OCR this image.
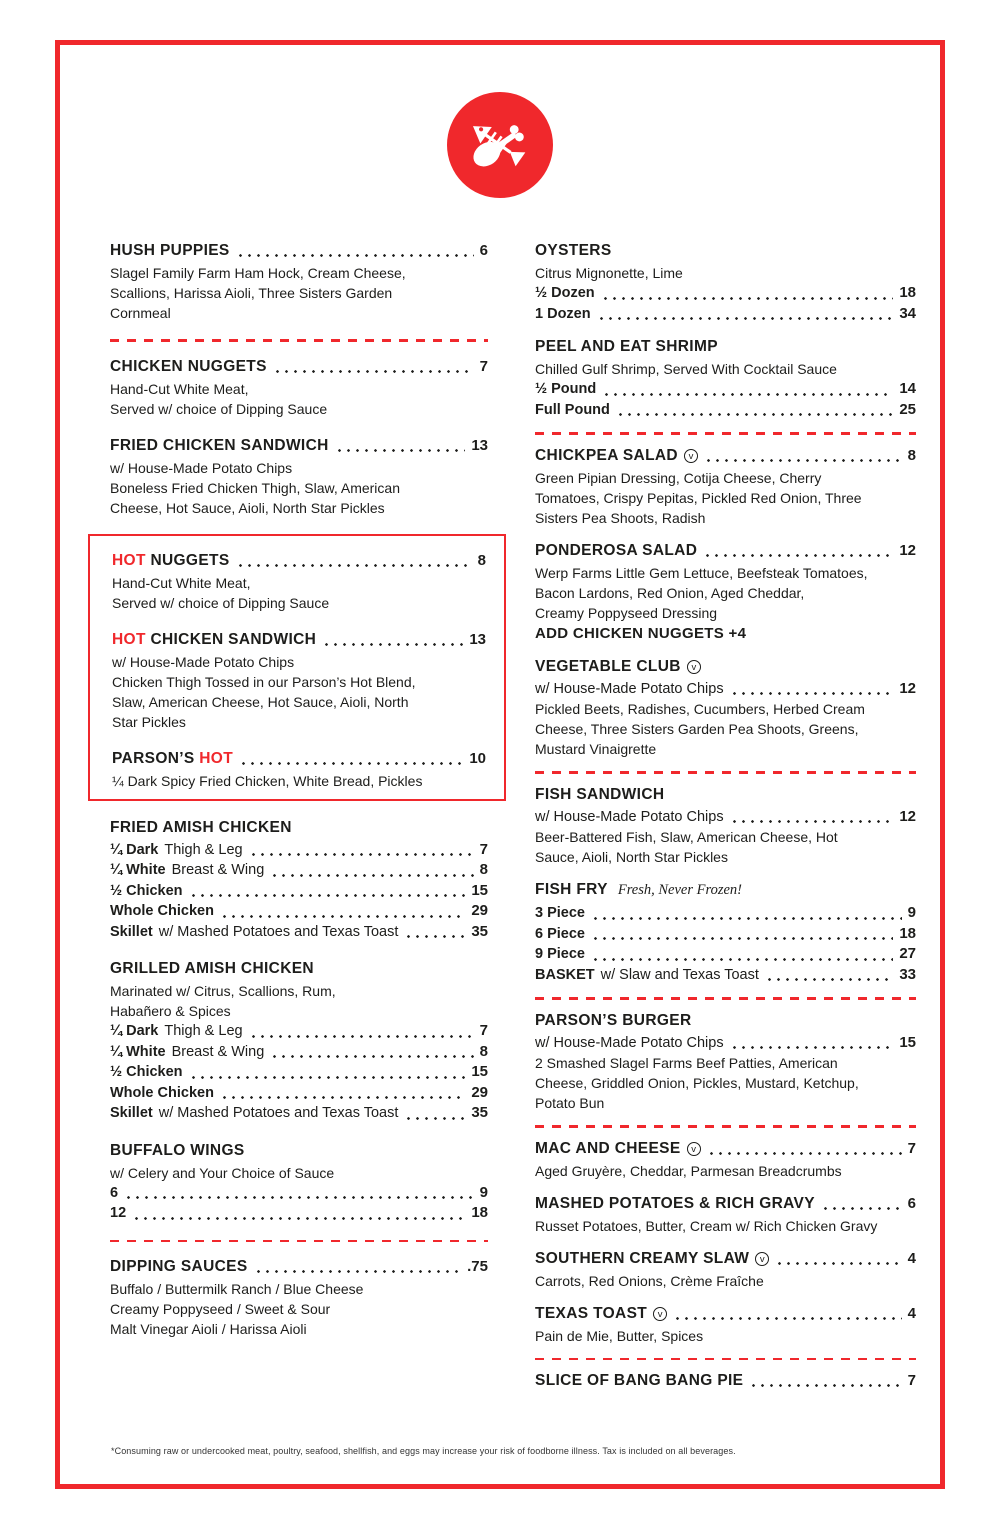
HUSH PUPPIES	6
Slagel Family Farm Ham Hock, Cream Cheese,
Scallions, Harissa Aioli, Three Sisters Garden
Cornmeal
CHICKEN NUGGETS	7
Hand-Cut White Meat,
Served w/ choice of Dipping Sauce
FRIED CHICKEN SANDWICH	13
w/ House-Made Potato Chips
Boneless Fried Chicken Thigh, Slaw, American
Cheese, Hot Sauce, Aioli, North Star Pickles
HOT NUGGETS	8
Hand-Cut White Meat,
Served w/ choice of Dipping Sauce
HOT CHICKEN SANDWICH	13
w/ House-Made Potato Chips
Chicken Thigh Tossed in our Parson’s Hot Blend,
Slaw, American Cheese, Hot Sauce, Aioli, North
Star Pickles
PARSON’S HOT	10
¼ Dark Spicy Fried Chicken, White Bread, Pickles
FRIED AMISH CHICKEN
¼ Dark Thigh & Leg	7
¼ White Breast & Wing	8
½ Chicken	15
Whole Chicken	29
Skillet w/ Mashed Potatoes and Texas Toast	35
GRILLED AMISH CHICKEN
Marinated w/ Citrus, Scallions, Rum,
Habañero & Spices
¼ Dark Thigh & Leg	7
¼ White Breast & Wing	8
½ Chicken	15
Whole Chicken	29
Skillet w/ Mashed Potatoes and Texas Toast	35
BUFFALO WINGS
w/ Celery and Your Choice of Sauce
6	9
12	18
DIPPING SAUCES	.75
Buffalo / Buttermilk Ranch / Blue Cheese
Creamy Poppyseed / Sweet & Sour
Malt Vinegar Aioli / Harissa Aioli
OYSTERS
Citrus Mignonette, Lime
½ Dozen	18
1 Dozen	34
PEEL AND EAT SHRIMP
Chilled Gulf Shrimp, Served With Cocktail Sauce
½ Pound	14
Full Pound	25
CHICKPEA SALAD	v	8
Green Pipian Dressing, Cotija Cheese, Cherry
Tomatoes, Crispy Pepitas, Pickled Red Onion, Three
Sisters Pea Shoots, Radish
PONDEROSA SALAD	12
Werp Farms Little Gem Lettuce, Beefsteak Tomatoes,
Bacon Lardons, Red Onion, Aged Cheddar,
Creamy Poppyseed Dressing
ADD CHICKEN NUGGETS +4
VEGETABLE CLUB	v
w/ House-Made Potato Chips	12
Pickled Beets, Radishes, Cucumbers, Herbed Cream
Cheese, Three Sisters Garden Pea Shoots, Greens,
Mustard Vinaigrette
FISH SANDWICH
w/ House-Made Potato Chips	12
Beer-Battered Fish, Slaw, American Cheese, Hot
Sauce, Aioli, North Star Pickles
FISH FRY Fresh, Never Frozen!
3 Piece	9
6 Piece	18
9 Piece	27
BASKET w/ Slaw and Texas Toast	33
PARSON’S BURGER
w/ House-Made Potato Chips	15
2 Smashed Slagel Farms Beef Patties, American
Cheese, Griddled Onion, Pickles, Mustard, Ketchup,
Potato Bun
MAC AND CHEESE	v	7
Aged Gruyère, Cheddar, Parmesan Breadcrumbs
MASHED POTATOES & RICH GRAVY	6
Russet Potatoes, Butter, Cream w/ Rich Chicken Gravy
SOUTHERN CREAMY SLAW	v	4
Carrots, Red Onions, Crème Fraîche
TEXAS TOAST	v	4
Pain de Mie, Butter, Spices
SLICE OF BANG BANG PIE	7
*Consuming raw or undercooked meat, poultry, seafood, shellfish, and eggs may increase your risk of foodborne illness. Tax is included on all beverages.
